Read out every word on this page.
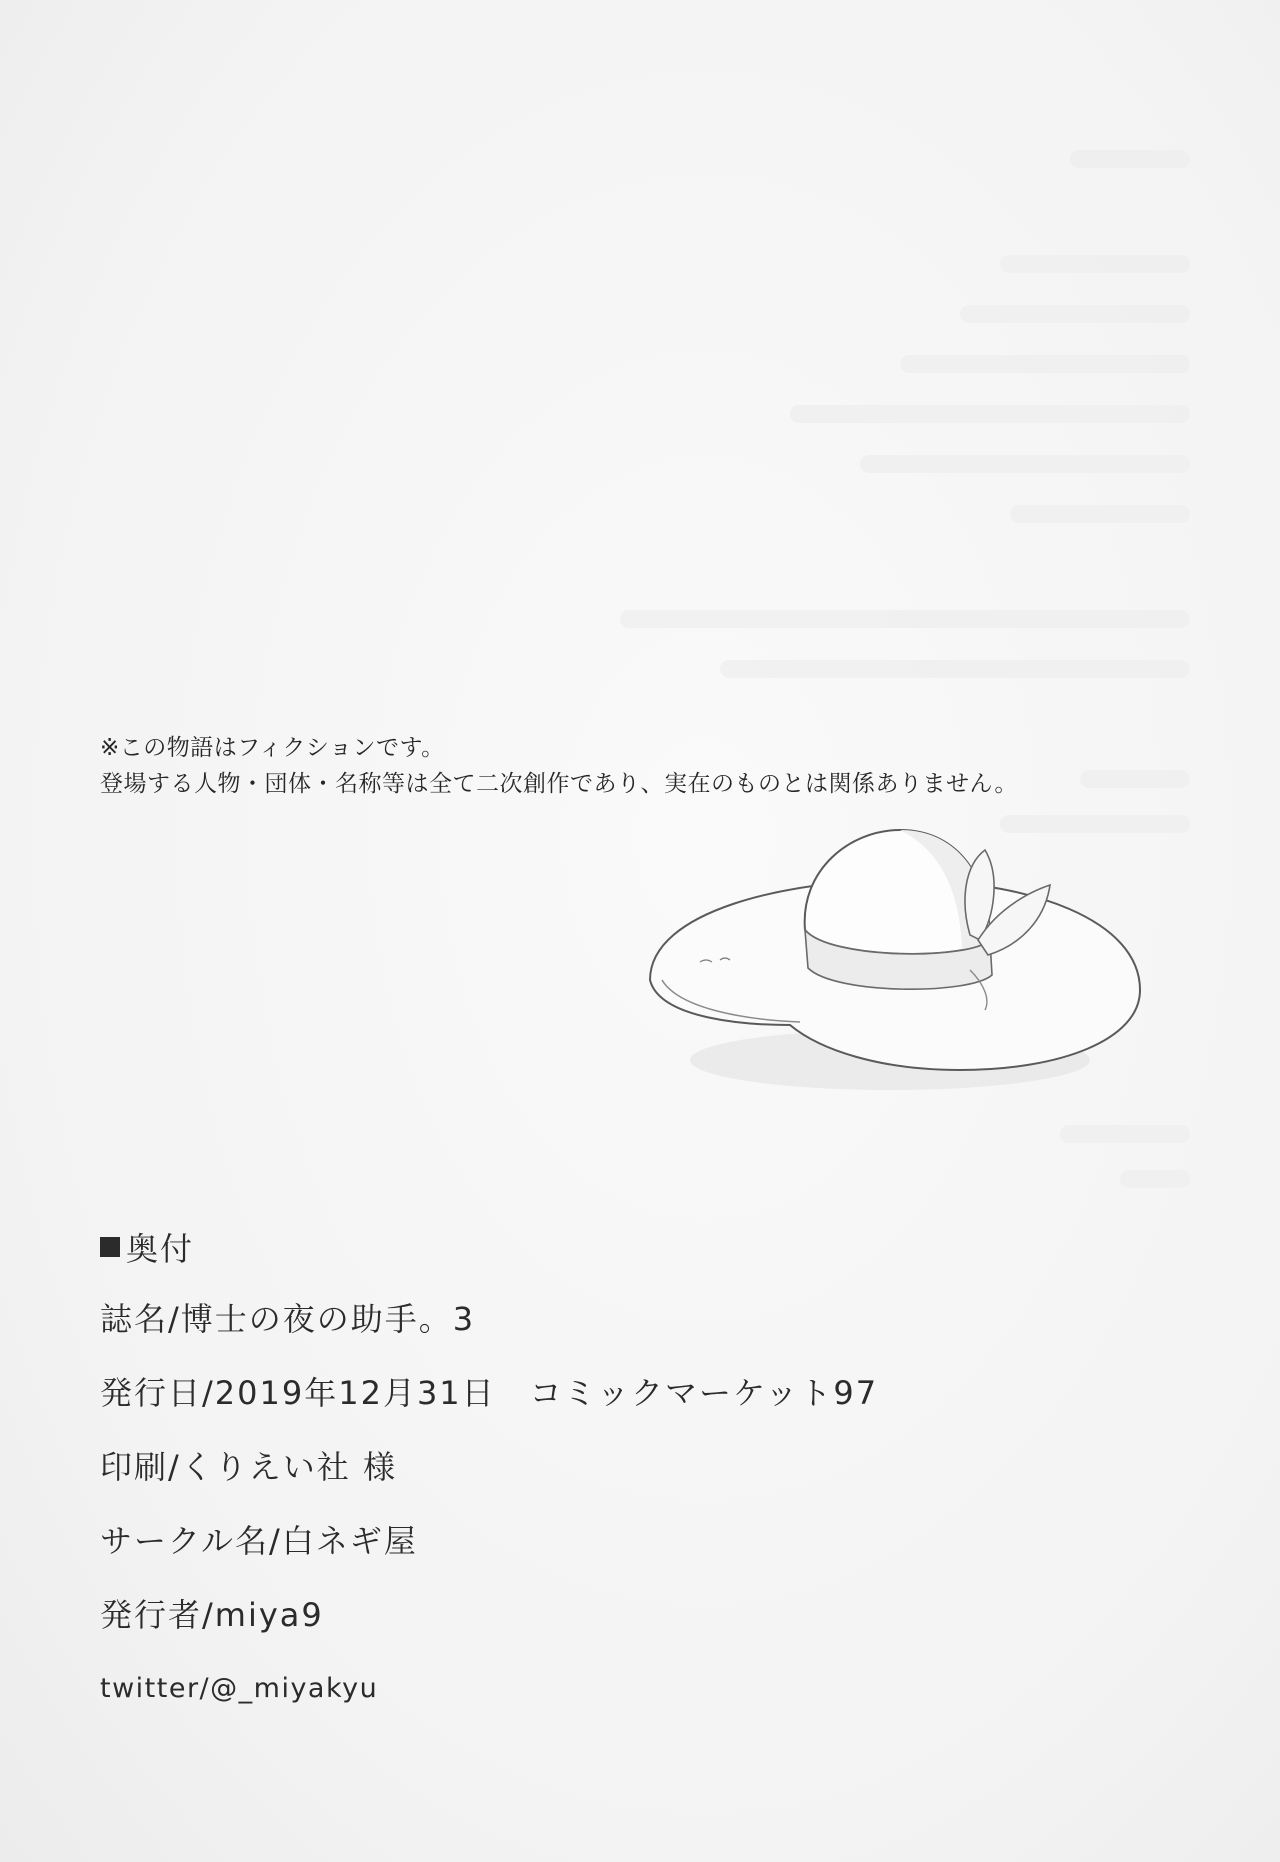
※この物語はフィクションです。
登場する人物・団体・名称等は全て二次創作であり、実在のものとは関係ありません。
奥付
誌名/博士の夜の助手。3
発行日/2019年12月31日 コミックマーケット97
印刷/くりえい社 様
サークル名/白ネギ屋
発行者/miya9
twitter/@_miyakyu
